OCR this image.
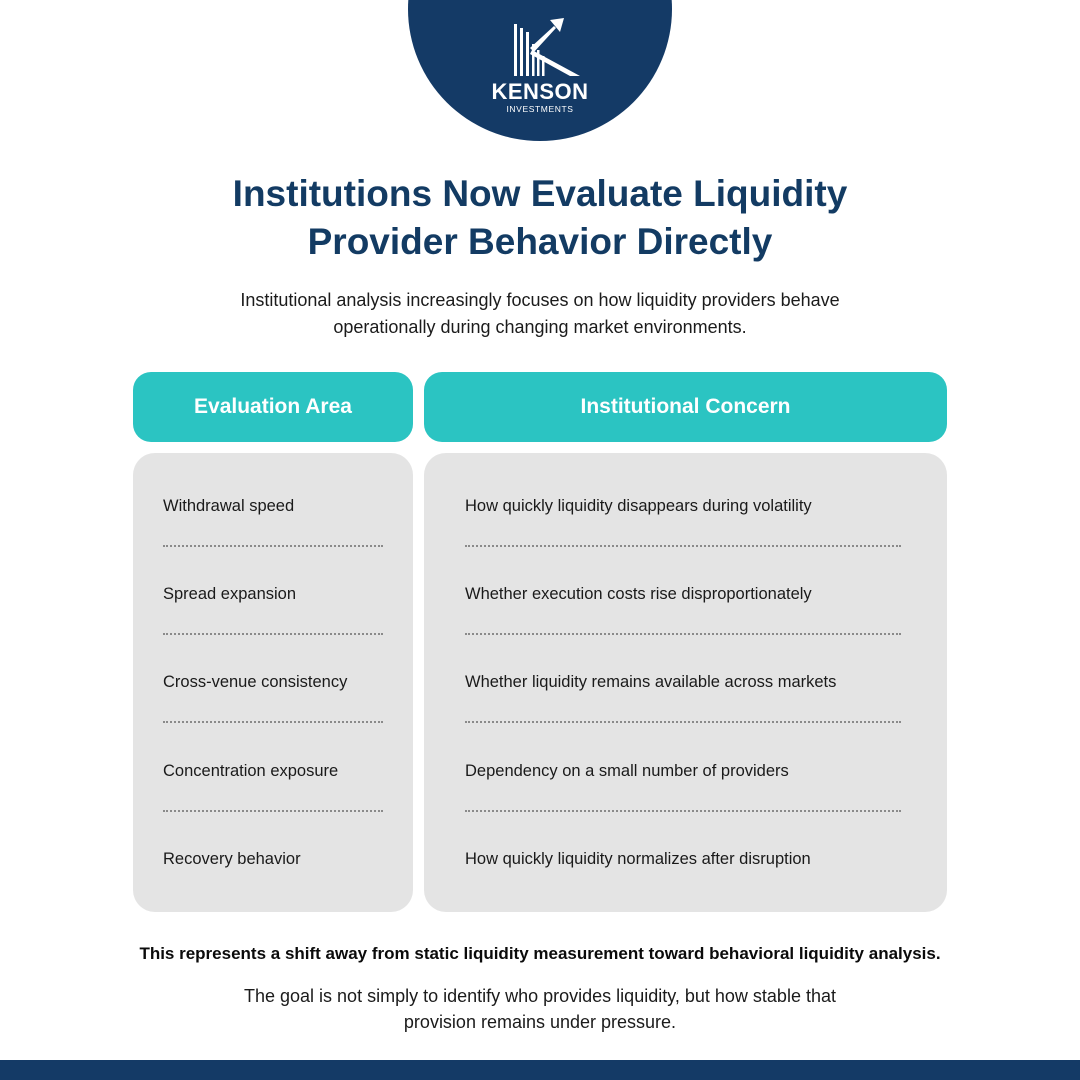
KENSON
INVESTMENTS
Institutions Now Evaluate Liquidity
Provider Behavior Directly

Institutional analysis increasingly focuses on how liquidity providers behave
operationally during changing market environments.

Evaluation Area	Institutional Concern
Withdrawal speed
Spread expansion
Cross-venue consistency
Concentration exposure
Recovery behavior
How quickly liquidity disappears during volatility
Whether execution costs rise disproportionately
Whether liquidity remains available across markets
Dependency on a small number of providers
How quickly liquidity normalizes after disruption

This represents a shift away from static liquidity measurement toward behavioral liquidity analysis.

The goal is not simply to identify who provides liquidity, but how stable that
provision remains under pressure.
